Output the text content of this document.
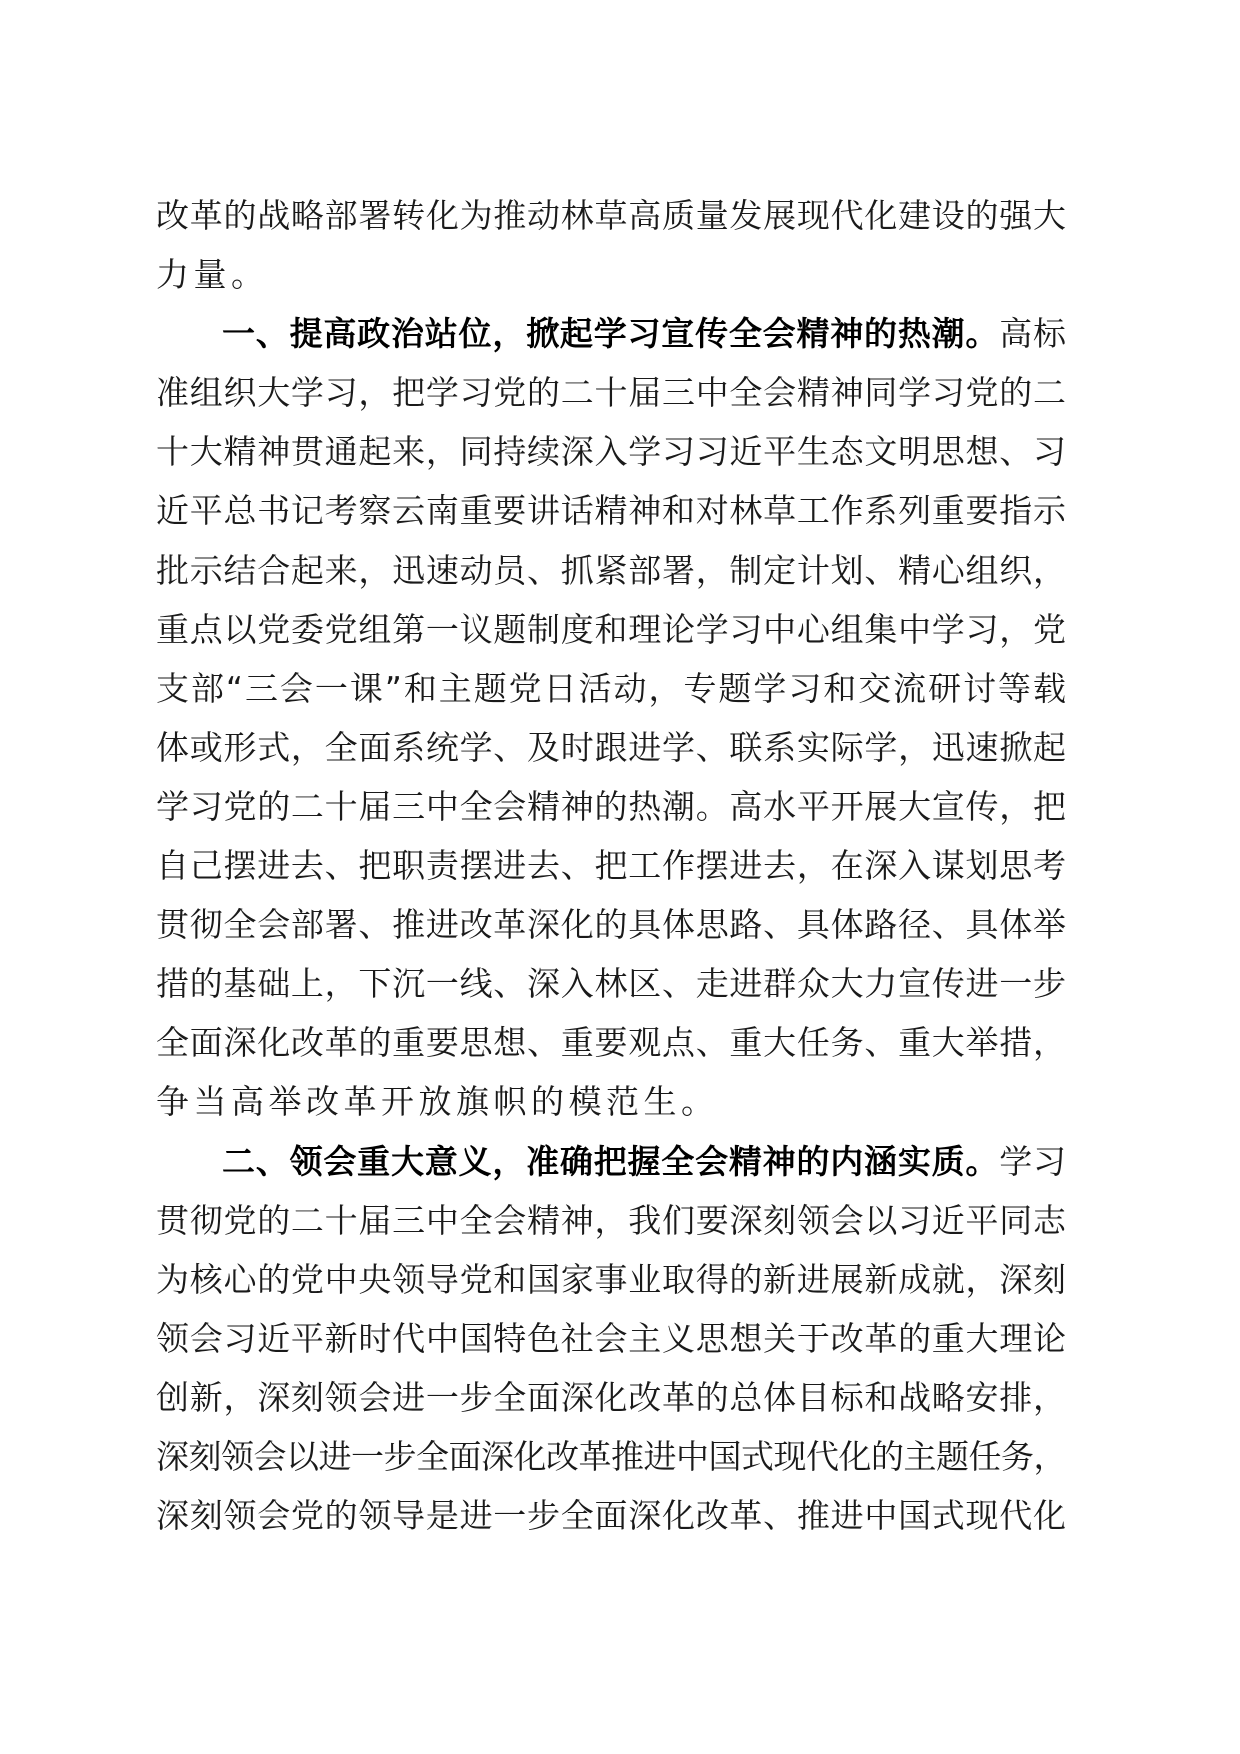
改革的战略部署转化为推动林草高质量发展现代化建设的强大
力量。
一、提高政治站位，掀起学习宣传全会精神的热潮。高标
准组织大学习，把学习党的二十届三中全会精神同学习党的二
十大精神贯通起来，同持续深入学习习近平生态文明思想、习
近平总书记考察云南重要讲话精神和对林草工作系列重要指示
批示结合起来，迅速动员、抓紧部署，制定计划、精心组织，
重点以党委党组第一议题制度和理论学习中心组集中学习，党
支部“三会一课”和主题党日活动，专题学习和交流研讨等载
体或形式，全面系统学、及时跟进学、联系实际学，迅速掀起
学习党的二十届三中全会精神的热潮。高水平开展大宣传，把
自己摆进去、把职责摆进去、把工作摆进去，在深入谋划思考
贯彻全会部署、推进改革深化的具体思路、具体路径、具体举
措的基础上，下沉一线、深入林区、走进群众大力宣传进一步
全面深化改革的重要思想、重要观点、重大任务、重大举措，
争当高举改革开放旗帜的模范生。
二、领会重大意义，准确把握全会精神的内涵实质。学习
贯彻党的二十届三中全会精神，我们要深刻领会以习近平同志
为核心的党中央领导党和国家事业取得的新进展新成就，深刻
领会习近平新时代中国特色社会主义思想关于改革的重大理论
创新，深刻领会进一步全面深化改革的总体目标和战略安排，
深刻领会以进一步全面深化改革推进中国式现代化的主题任务，
深刻领会党的领导是进一步全面深化改革、推进中国式现代化
